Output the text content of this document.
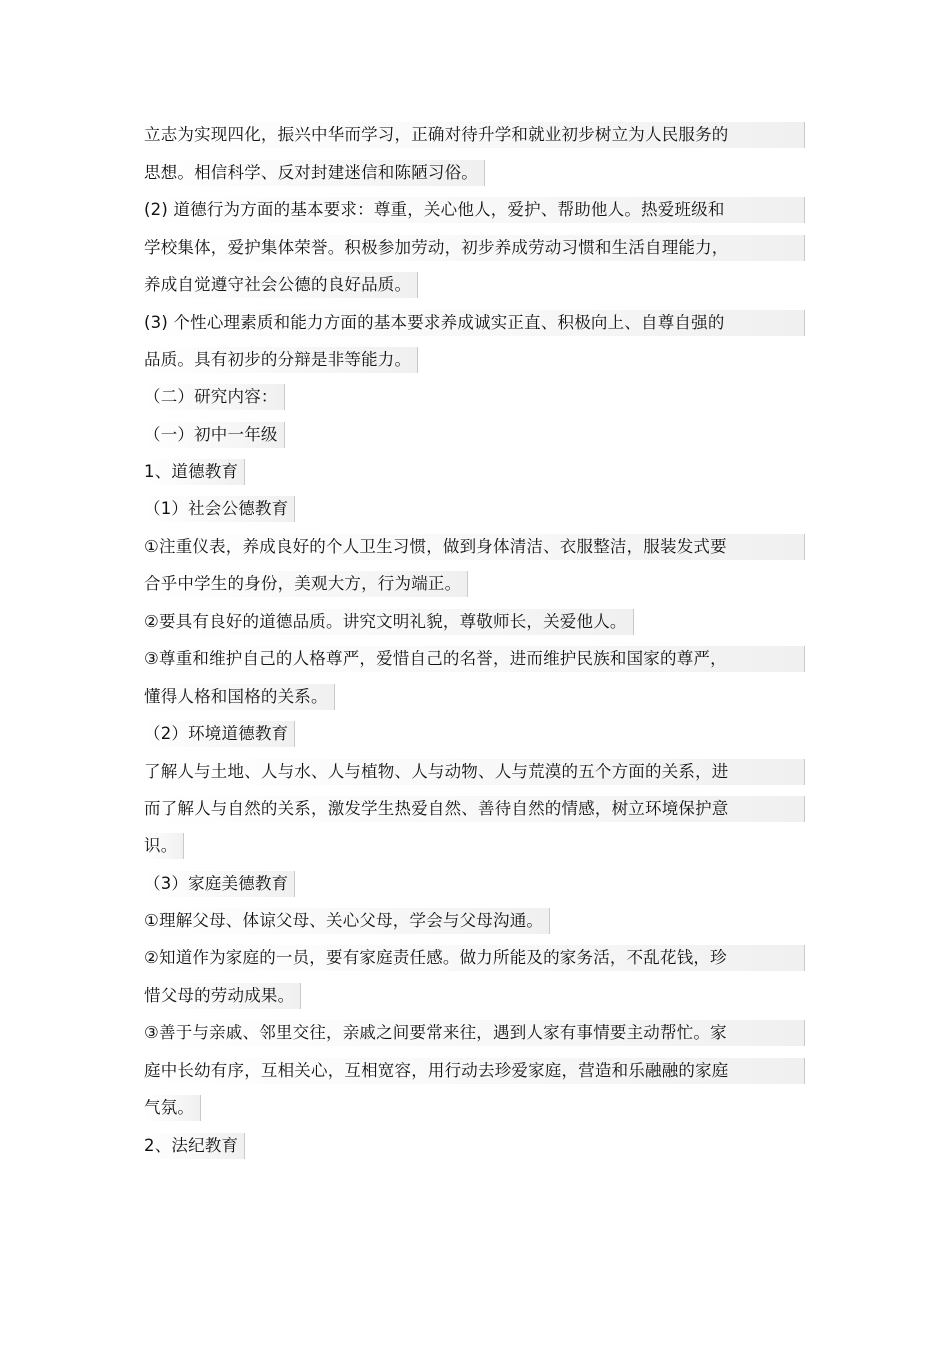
立志为实现四化，振兴中华而学习，正确对待升学和就业初步树立为人民服务的
思想。相信科学、反对封建迷信和陈陋习俗。
(2) 道德行为方面的基本要求：尊重，关心他人，爱护、帮助他人。热爱班级和
学校集体，爱护集体荣誉。积极参加劳动，初步养成劳动习惯和生活自理能力，
养成自觉遵守社会公德的良好品质。
(3) 个性心理素质和能力方面的基本要求养成诚实正直、积极向上、自尊自强的
品质。具有初步的分辩是非等能力。
（二）研究内容：
（一）初中一年级
1、道德教育
（1）社会公德教育
①注重仪表，养成良好的个人卫生习惯，做到身体清洁、衣服整洁，服装发式要
合乎中学生的身份，美观大方，行为端正。
②要具有良好的道德品质。讲究文明礼貌，尊敬师长，关爱他人。
③尊重和维护自己的人格尊严，爱惜自己的名誉，进而维护民族和国家的尊严，
懂得人格和国格的关系。
（2）环境道德教育
了解人与土地、人与水、人与植物、人与动物、人与荒漠的五个方面的关系，进
而了解人与自然的关系，激发学生热爱自然、善待自然的情感，树立环境保护意
识。
（3）家庭美德教育
①理解父母、体谅父母、关心父母，学会与父母沟通。
②知道作为家庭的一员，要有家庭责任感。做力所能及的家务活，不乱花钱，珍
惜父母的劳动成果。
③善于与亲戚、邻里交往，亲戚之间要常来往，遇到人家有事情要主动帮忙。家
庭中长幼有序，互相关心，互相宽容，用行动去珍爱家庭，营造和乐融融的家庭
气氛。
2、法纪教育
